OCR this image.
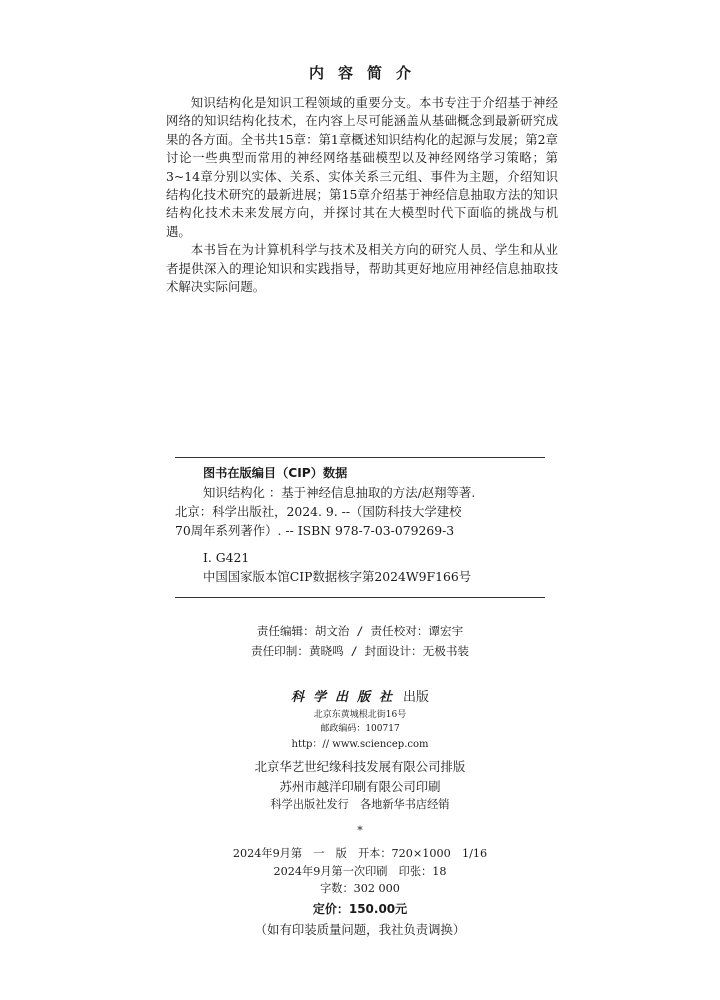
内容简介

知识结构化是知识工程领域的重要分支。本书专注于介绍基于神经网络的知识结构化技术，在内容上尽可能涵盖从基础概念到最新研究成果的各方面。全书共15章：第1章概述知识结构化的起源与发展；第2章讨论一些典型而常用的神经网络基础模型以及神经网络学习策略；第3~14章分别以实体、关系、实体关系三元组、事件为主题，介绍知识结构化技术研究的最新进展；第15章介绍基于神经信息抽取方法的知识结构化技术未来发展方向，并探讨其在大模型时代下面临的挑战与机遇。

本书旨在为计算机科学与技术及相关方向的研究人员、学生和从业者提供深入的理论知识和实践指导，帮助其更好地应用神经信息抽取技术解决实际问题。

图书在版编目（CIP）数据
知识结构化 ：基于神经信息抽取的方法/赵翔等著.
北京：科学出版社，2024. 9. --（国防科技大学建校
70周年系列著作）. -- ISBN 978-7-03-079269-3
Ⅰ. G421
中国国家版本馆CIP数据核字第2024W9F166号
责任编辑：胡文治 / 责任校对：谭宏宇
责任印制：黄晓鸣 / 封面设计：无极书装
科学出版社 出版
北京东黄城根北街16号
邮政编码：100717
http：// www.sciencep.com
北京华艺世纪缘科技发展有限公司排版
苏州市越洋印刷有限公司印刷
科学出版社发行　各地新华书店经销
*
2024年9月第　一　版　开本：720×1000　1/16
2024年9月第一次印刷　印张：18
字数：302 000
定价：150.00元
（如有印装质量问题，我社负责调换）
